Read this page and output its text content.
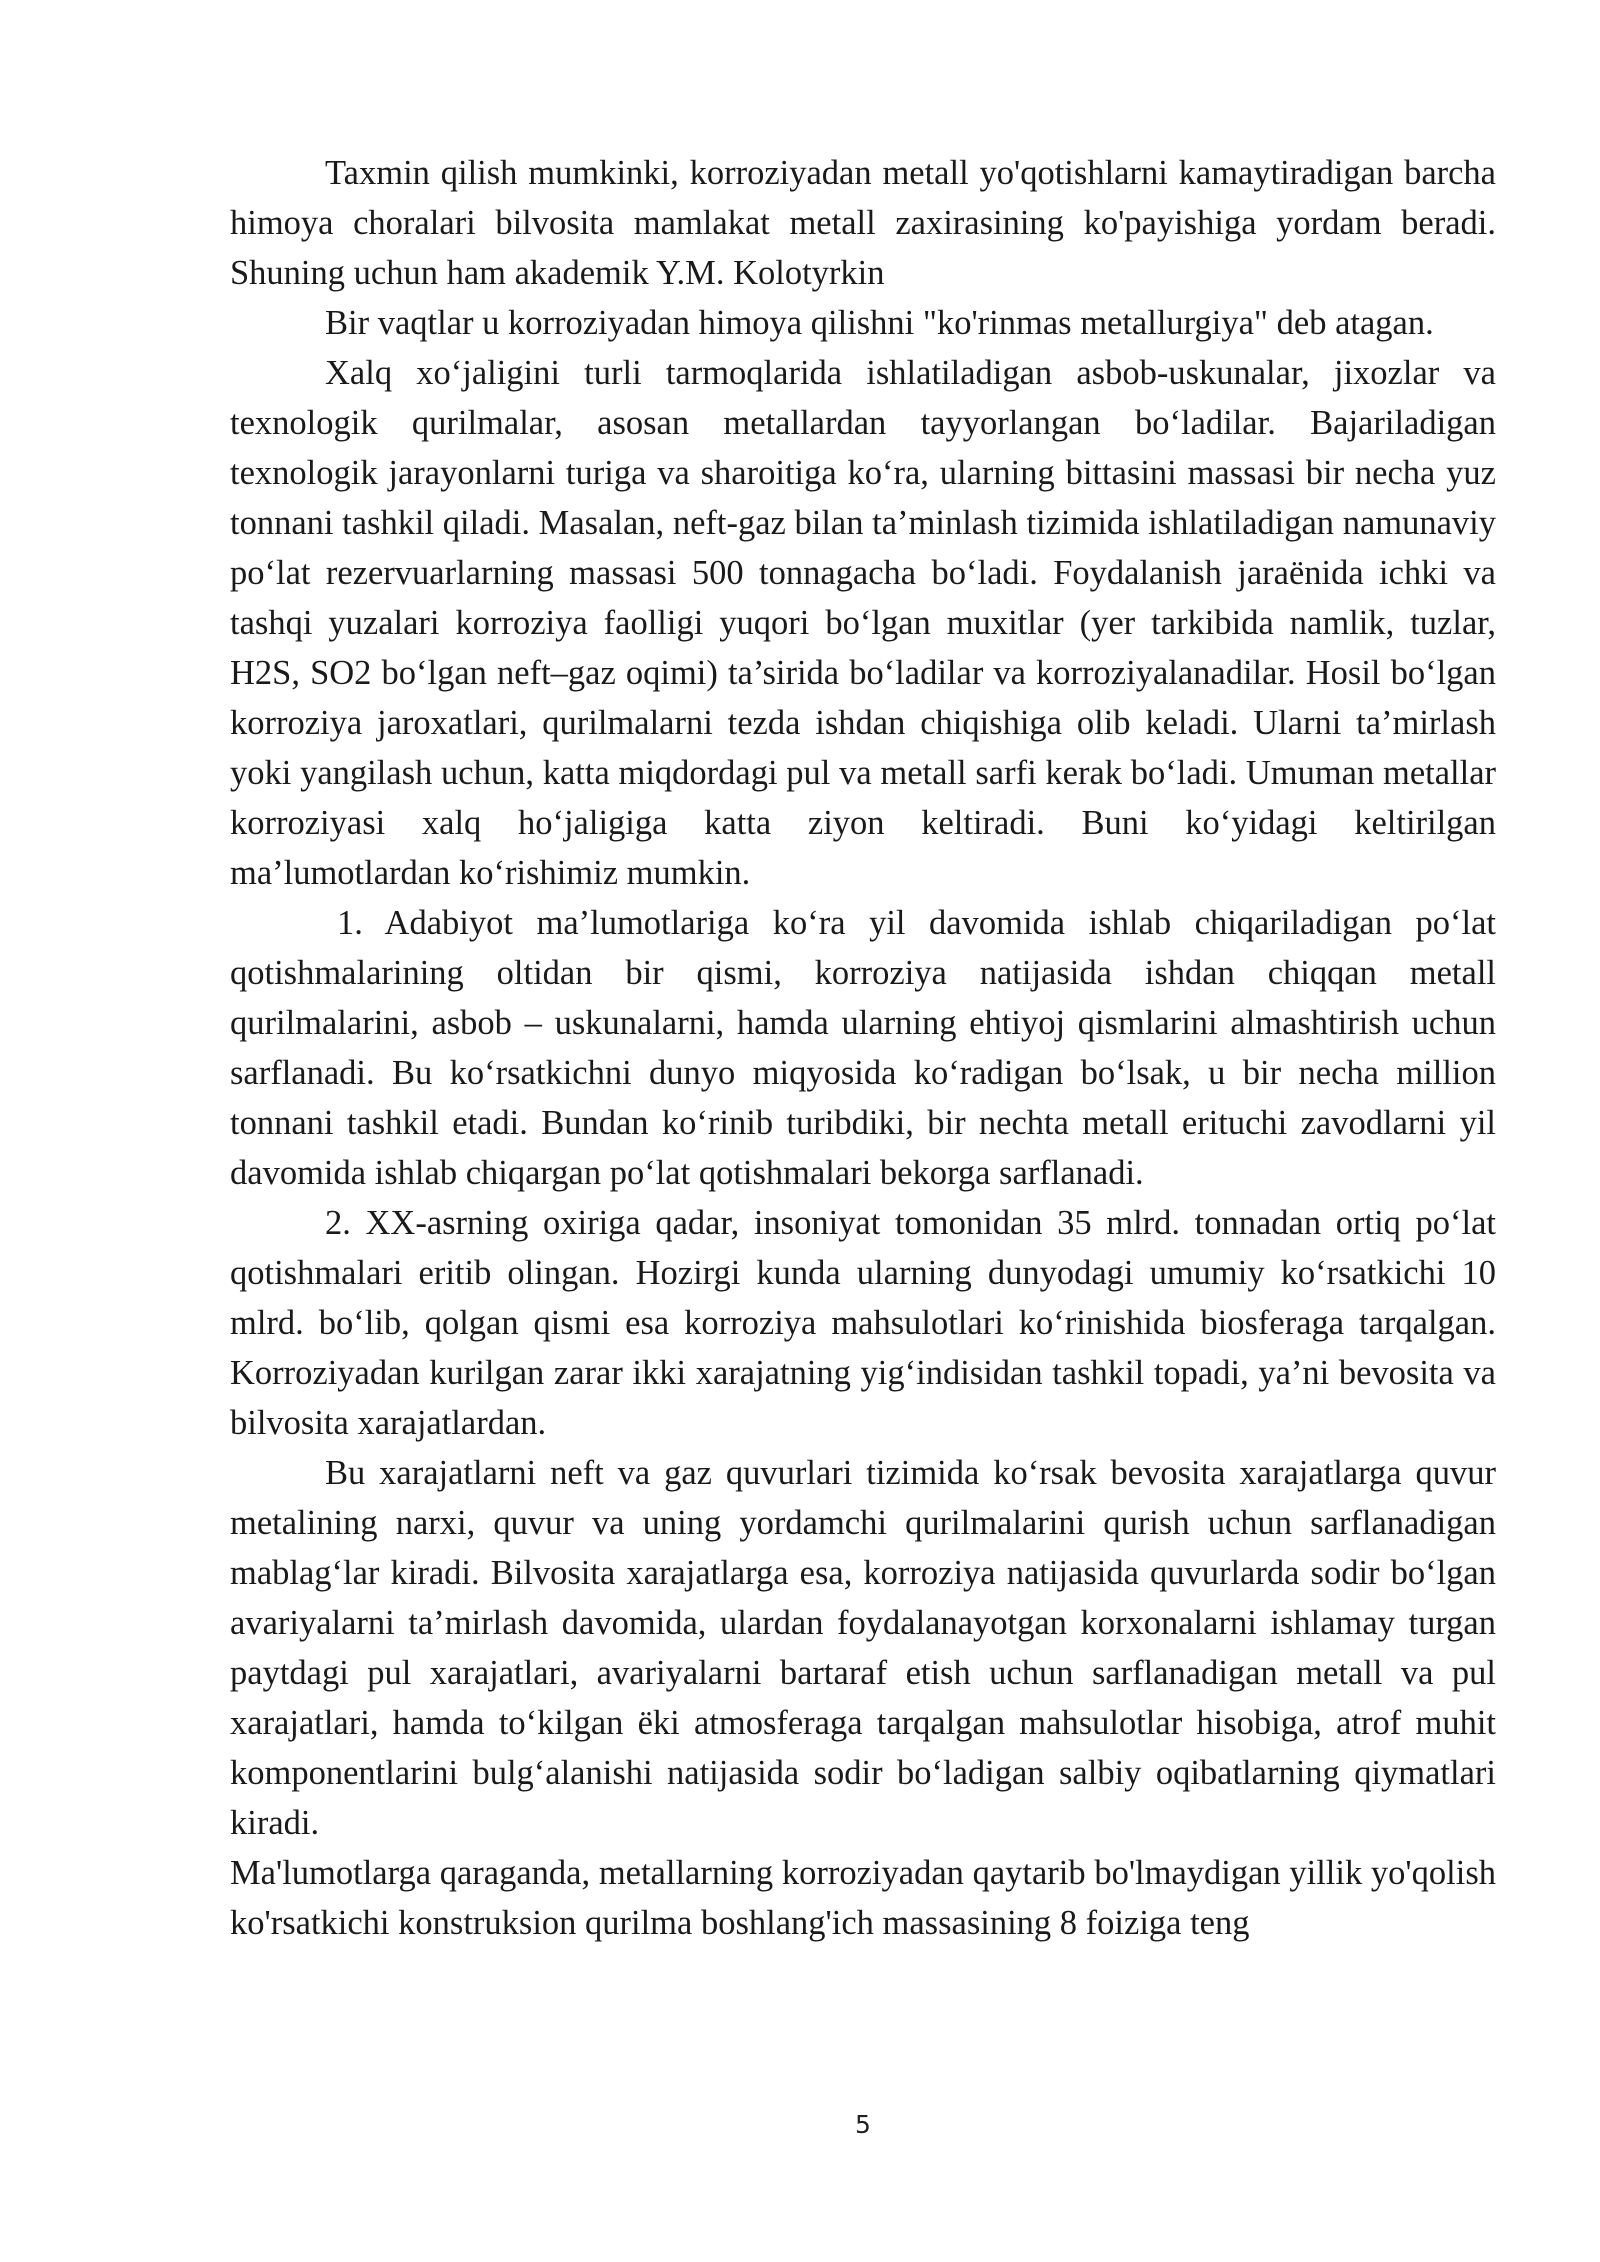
Taxmin qilish mumkinki, korroziyadan metall yo'qotishlarni kamaytiradigan barcha himoya choralari bilvosita mamlakat metall zaxirasining ko'payishiga yordam beradi. Shuning uchun ham akademik Y.M. Kolotyrkin

Bir vaqtlar u korroziyadan himoya qilishni "ko'rinmas metallurgiya" deb atagan.

Xalq xo‘jaligini turli tarmoqlarida ishlatiladigan asbob-uskunalar, jixozlar va texnologik qurilmalar, asosan metallardan tayyorlangan bo‘ladilar. Bajariladigan texnologik jarayonlarni turiga va sharoitiga ko‘ra, ularning bittasini massasi bir necha yuz tonnani tashkil qiladi. Masalan, neft-gaz bilan ta’minlash tizimida ishlatiladigan namunaviy po‘lat rezervuarlarning massasi 500 tonnagacha bo‘ladi. Foydalanish jaraёnida ichki va tashqi yuzalari korroziya faolligi yuqori bo‘lgan muxitlar (yer tarkibida namlik, tuzlar, H2S, SO2 bo‘lgan neft–gaz oqimi) ta’sirida bo‘ladilar va korroziyalanadilar. Hosil bo‘lgan korroziya jaroxatlari, qurilmalarni tezda ishdan chiqishiga olib keladi. Ularni ta’mirlash yoki yangilash uchun, katta miqdordagi pul va metall sarfi kerak bo‘ladi. Umuman metallar korroziyasi xalq ho‘jaligiga katta ziyon keltiradi. Buni ko‘yidagi keltirilgan ma’lumotlardan ko‘rishimiz mumkin.

1. Adabiyot ma’lumotlariga ko‘ra yil davomida ishlab chiqariladigan po‘lat qotishmalarining oltidan bir qismi, korroziya natijasida ishdan chiqqan metall qurilmalarini, asbob – uskunalarni, hamda ularning ehtiyoj qismlarini almashtirish uchun sarflanadi. Bu ko‘rsatkichni dunyo miqyosida ko‘radigan bo‘lsak, u bir necha million tonnani tashkil etadi. Bundan ko‘rinib turibdiki, bir nechta metall erituchi zavodlarni yil davomida ishlab chiqargan po‘lat qotishmalari bekorga sarflanadi.

2. XX-asrning oxiriga qadar, insoniyat tomonidan 35 mlrd. tonnadan ortiq po‘lat qotishmalari eritib olingan. Hozirgi kunda ularning dunyodagi umumiy ko‘rsatkichi 10 mlrd. bo‘lib, qolgan qismi esa korroziya mahsulotlari ko‘rinishida biosferaga tarqalgan. Korroziyadan kurilgan zarar ikki xarajatning yig‘indisidan tashkil topadi, ya’ni bevosita va bilvosita xarajatlardan.

Bu xarajatlarni neft va gaz quvurlari tizimida ko‘rsak bevosita xarajatlarga quvur metalining narxi, quvur va uning yordamchi qurilmalarini qurish uchun sarflanadigan mablag‘lar kiradi. Bilvosita xarajatlarga esa, korroziya natijasida quvurlarda sodir bo‘lgan avariyalarni ta’mirlash davomida, ulardan foydalanayotgan korxonalarni ishlamay turgan paytdagi pul xarajatlari, avariyalarni bartaraf etish uchun sarflanadigan metall va pul xarajatlari, hamda to‘kilgan ёki atmosferaga tarqalgan mahsulotlar hisobiga, atrof muhit komponentlarini bulg‘alanishi natijasida sodir bo‘ladigan salbiy oqibatlarning qiymatlari kiradi.

Ma'lumotlarga qaraganda, metallarning korroziyadan qaytarib bo'lmaydigan yillik yo'qolish ko'rsatkichi konstruksion qurilma boshlang'ich massasining 8 foiziga teng

5
